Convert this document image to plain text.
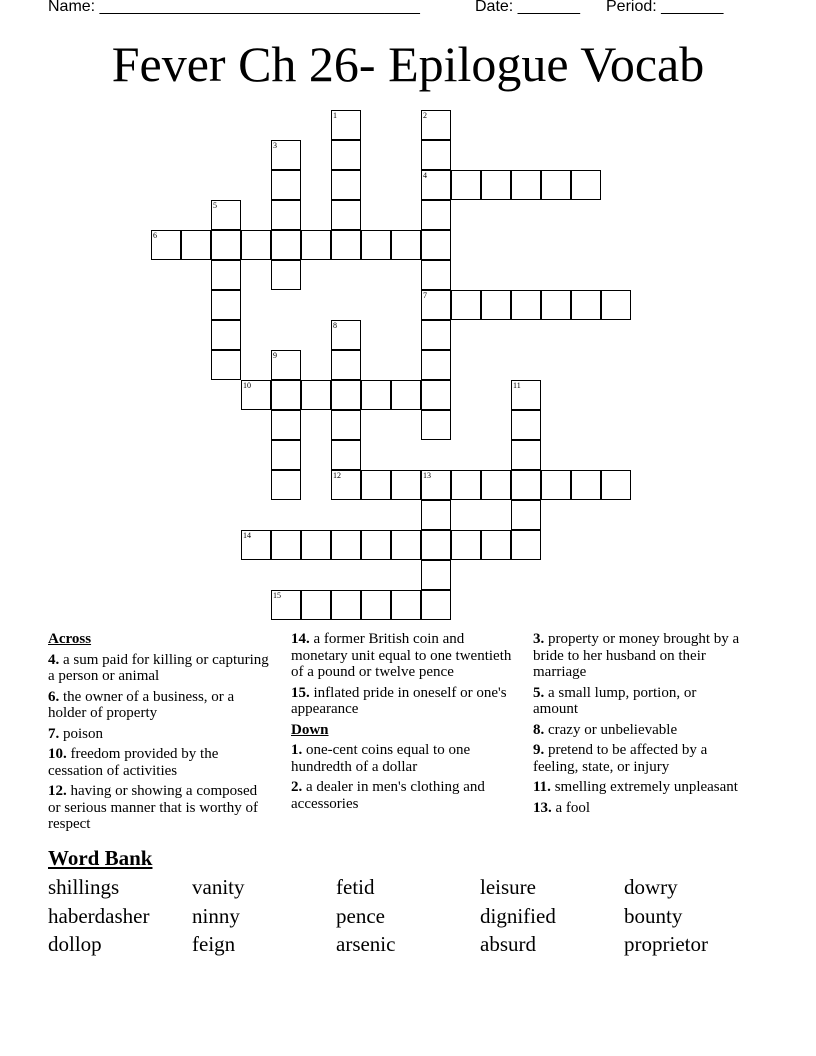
Name: ____________________________________	Date: _______ Period: _______
Fever Ch 26- Epilogue Vocab
1	2
4
7
3
5
6
8
9
10	11
12	13
14
15
Across
4. a sum paid for killing or capturing a person or animal
6. the owner of a business, or a holder of property
7. poison
10. freedom provided by the cessation of activities
12. having or showing a composed or serious manner that is worthy of respect
14. a former British coin and monetary unit equal to one twentieth of a pound or twelve pence
15. inflated pride in oneself or one's appearance
Down
1. one-cent coins equal to one hundredth of a dollar
2. a dealer in men's clothing and accessories
3. property or money brought by a bride to her husband on their marriage
5. a small lump, portion, or amount
8. crazy or unbelievable
9. pretend to be affected by a feeling, state, or injury
11. smelling extremely unpleasant
13. a fool
Word Bank
shillings	vanity	fetid	leisure	dowry
haberdasher ninny	pence	dignified	bounty
dollop	feign	arsenic	absurd	proprietor
